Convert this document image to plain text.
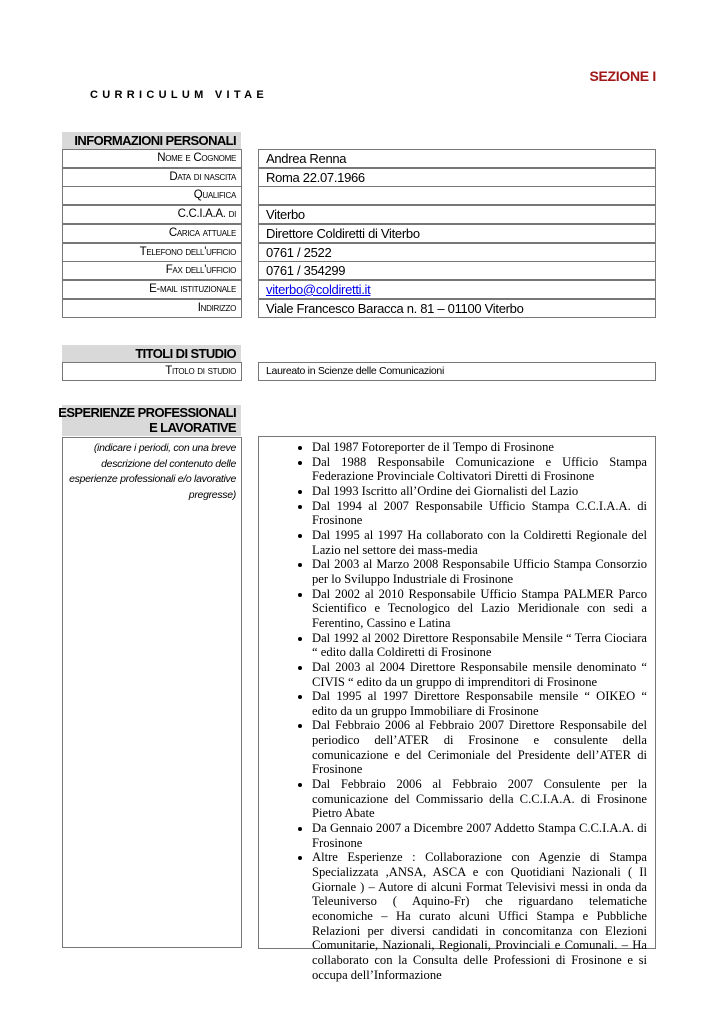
SEZIONE I
CURRICULUM VITAE
INFORMAZIONI PERSONALI
Nome e Cognome	Andrea Renna
Data di nascita	Roma 22.07.1966
Qualifica
C.C.I.A.A. di	Viterbo
Carica attuale	Direttore Coldiretti di Viterbo
Telefono dell'ufficio	0761 / 2522
Fax dell'ufficio	0761 / 354299
E-mail istituzionale	viterbo@coldiretti.it
Indirizzo	Viale Francesco Baracca n. 81 – 01100 Viterbo
TITOLI DI STUDIO
Titolo di studio	Laureato in Scienze delle Comunicazioni
ESPERIENZE PROFESSIONALI
E LAVORATIVE
(indicare i periodi, con una breve descrizione del contenuto delle esperienze professionali e/o lavorative pregresse)
• Dal 1987 Fotoreporter de il Tempo di Frosinone
• Dal 1988 Responsabile Comunicazione e Ufficio Stampa Federazione Provinciale Coltivatori Diretti di Frosinone
• Dal 1993 Iscritto all’Ordine dei Giornalisti del Lazio
• Dal 1994 al 2007 Responsabile Ufficio Stampa C.C.I.A.A. di Frosinone
• Dal 1995 al 1997 Ha collaborato con la Coldiretti Regionale del Lazio nel settore dei mass-media
• Dal 2003 al Marzo 2008 Responsabile Ufficio Stampa Consorzio per lo Sviluppo Industriale di Frosinone
• Dal 2002 al 2010 Responsabile Ufficio Stampa PALMER Parco Scientifico e Tecnologico del Lazio Meridionale con sedi a Ferentino, Cassino e Latina
• Dal 1992 al 2002 Direttore Responsabile Mensile “ Terra Ciociara “ edito dalla Coldiretti di Frosinone
• Dal 2003 al 2004 Direttore Responsabile mensile denominato “ CIVIS “ edito da un gruppo di imprenditori di Frosinone
• Dal 1995 al 1997 Direttore Responsabile mensile “ OIKEO “ edito da un gruppo Immobiliare di Frosinone
• Dal Febbraio 2006 al Febbraio 2007 Direttore Responsabile del periodico dell’ATER di Frosinone e consulente della comunicazione e del Cerimoniale del Presidente dell’ATER di Frosinone
• Dal Febbraio 2006 al Febbraio 2007 Consulente per la comunicazione del Commissario della C.C.I.A.A. di Frosinone Pietro Abate
• Da Gennaio 2007 a Dicembre 2007 Addetto Stampa C.C.I.A.A. di Frosinone
• Altre Esperienze : Collaborazione con Agenzie di Stampa Specializzata ,ANSA, ASCA e con Quotidiani Nazionali ( Il Giornale ) – Autore di alcuni Format Televisivi messi in onda da Teleuniverso ( Aquino-Fr) che riguardano telematiche economiche – Ha curato alcuni Uffici Stampa e Pubbliche Relazioni per diversi candidati in concomitanza con Elezioni Comunitarie, Nazionali, Regionali, Provinciali e Comunali. – Ha collaborato con la Consulta delle Professioni di Frosinone e si occupa dell’Informazione
